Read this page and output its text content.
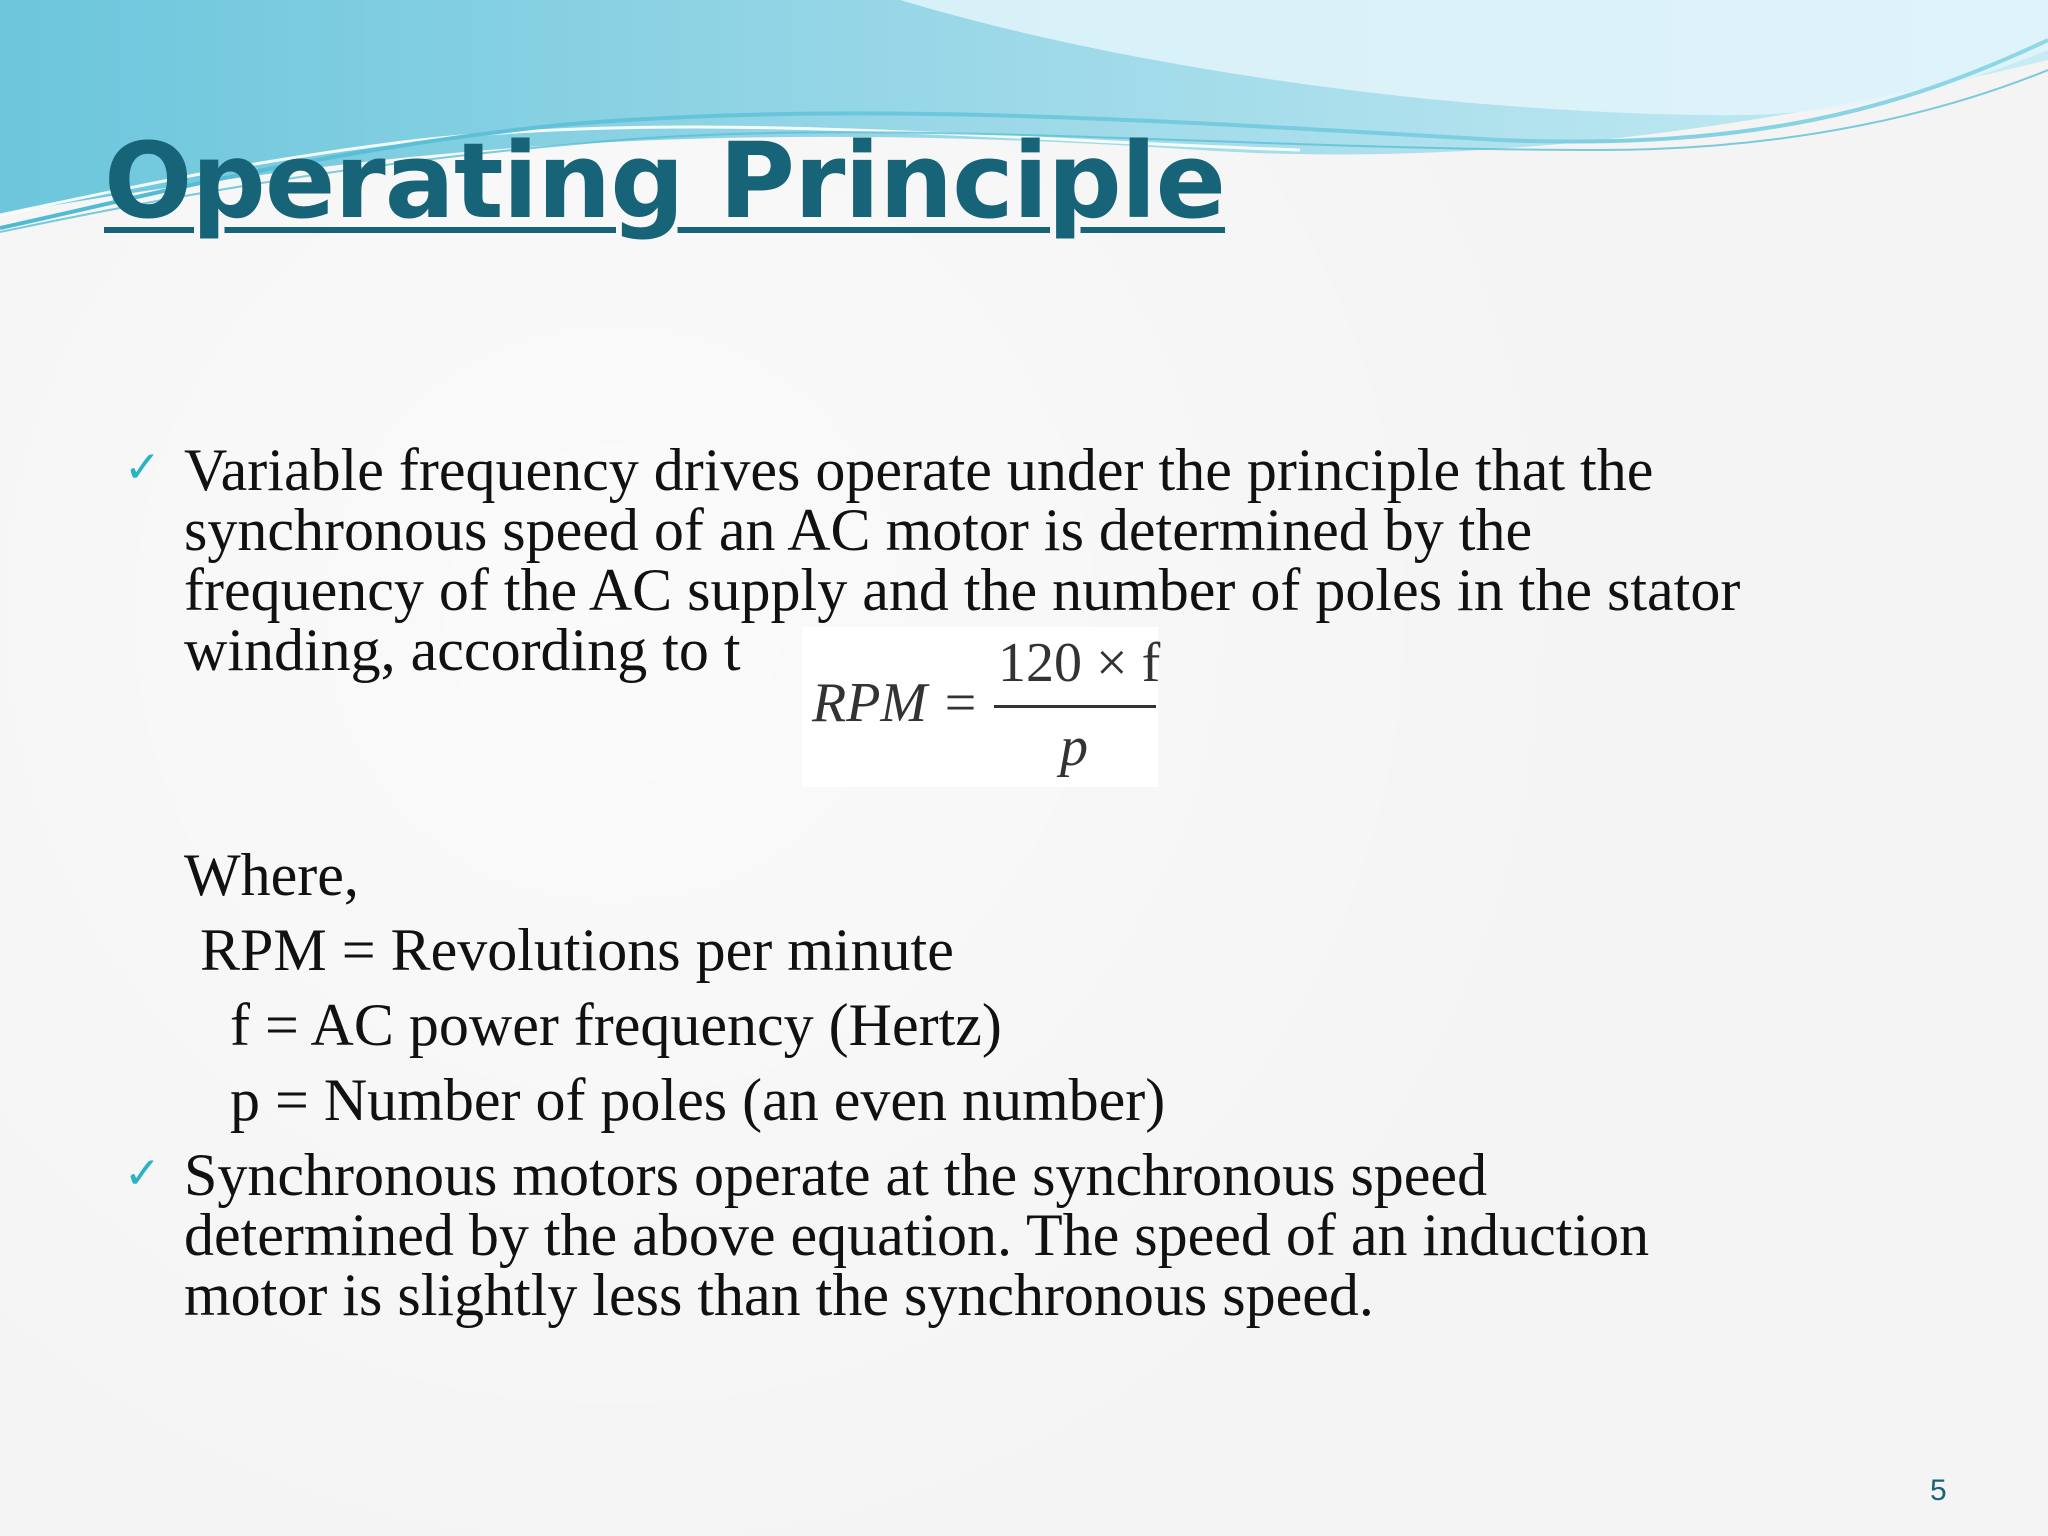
Operating Principle
✓ Variable frequency drives operate under the principle that the
synchronous speed of an AC motor is determined by the
frequency of the AC supply and the number of poles in the stator
winding, according to t
RPM =
120 × f
p
Where,
RPM = Revolutions per minute
f = AC power frequency (Hertz)
p = Number of poles (an even number)
✓ Synchronous motors operate at the synchronous speed
determined by the above equation. The speed of an induction
motor is slightly less than the synchronous speed.
5
